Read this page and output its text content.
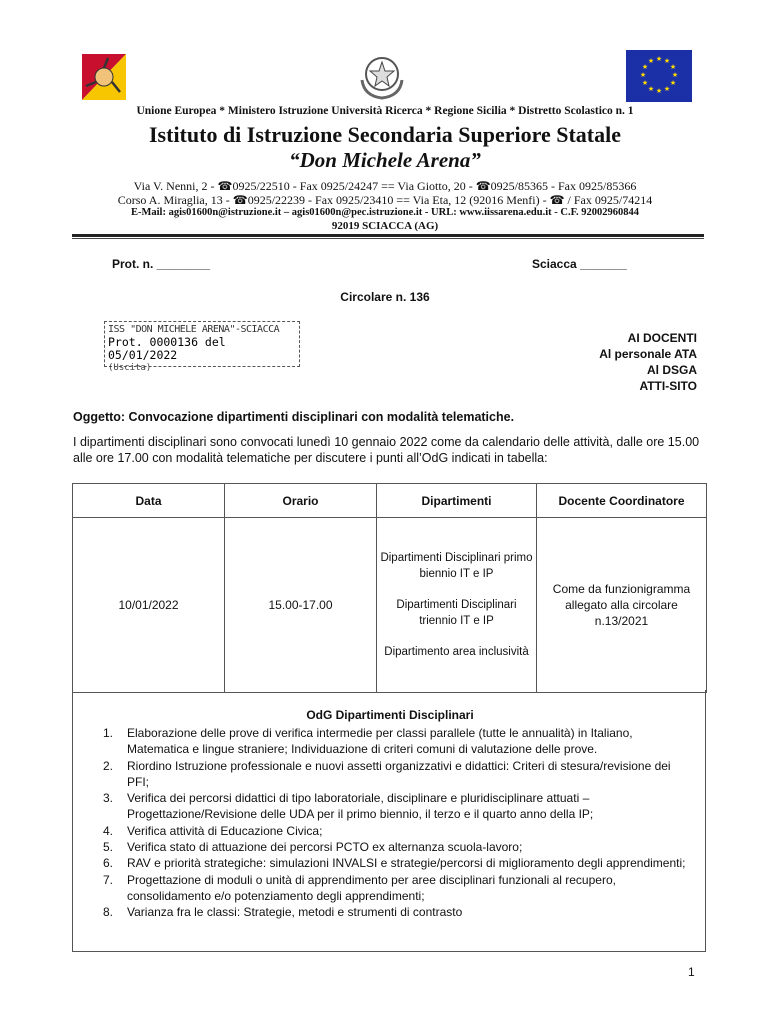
★ ★
★
★
★
★
★
★
★
★
★
★
Unione Europea * Ministero Istruzione Università Ricerca * Regione Sicilia * Distretto Scolastico n. 1
Istituto di Istruzione Secondaria Superiore Statale
“Don Michele Arena”
Via V. Nenni, 2 - ☎0925/22510 - Fax 0925/24247 == Via Giotto, 20 - ☎0925/85365 - Fax 0925/85366
Corso A. Miraglia, 13 - ☎0925/22239 - Fax 0925/23410 == Via Eta, 12 (92016 Menfi) - ☎ / Fax 0925/74214
E-Mail: agis01600n@istruzione.it – agis01600n@pec.istruzione.it - URL: www.iissarena.edu.it - C.F. 92002960844
92019 SCIACCA (AG)
Prot. n. ________	Sciacca _______
Circolare n. 136
ISS "DON MICHELE ARENA"-SCIACCA
Prot. 0000136 del 05/01/2022
(Uscita)
AI DOCENTI
Al personale ATA
Al DSGA
ATTI-SITO
Oggetto: Convocazione dipartimenti disciplinari con modalità telematiche.
I dipartimenti disciplinari sono convocati lunedì 10 gennaio 2022 come da calendario delle attività, dalle ore 15.00 alle ore 17.00 con modalità telematiche per discutere i punti all’OdG indicati in tabella:
Data	Orario	Dipartimenti	Docente Coordinatore
10/01/2022	15.00-17.00	Dipartimenti Disciplinari primo biennio IT e IP

Dipartimenti Disciplinari triennio IT e IP

Dipartimento area inclusività	Come da funzionigramma allegato alla circolare n.13/2021
OdG Dipartimenti Disciplinari
1. Elaborazione delle prove di verifica intermedie per classi parallele (tutte le annualità) in Italiano, Matematica e lingue straniere; Individuazione di criteri comuni di valutazione delle prove.
2. Riordino Istruzione professionale e nuovi assetti organizzativi e didattici: Criteri di stesura/revisione dei PFI;
3. Verifica dei percorsi didattici di tipo laboratoriale, disciplinare e pluridisciplinare attuati – Progettazione/Revisione delle UDA per il primo biennio, il terzo e il quarto anno della IP;
4. Verifica attività di Educazione Civica;
5. Verifica stato di attuazione dei percorsi PCTO ex alternanza scuola-lavoro;
6. RAV e priorità strategiche: simulazioni INVALSI e strategie/percorsi di miglioramento degli apprendimenti;
7. Progettazione di moduli o unità di apprendimento per aree disciplinari funzionali al recupero, consolidamento e/o potenziamento degli apprendimenti;
8. Varianza fra le classi: Strategie, metodi e strumenti di contrasto
1
